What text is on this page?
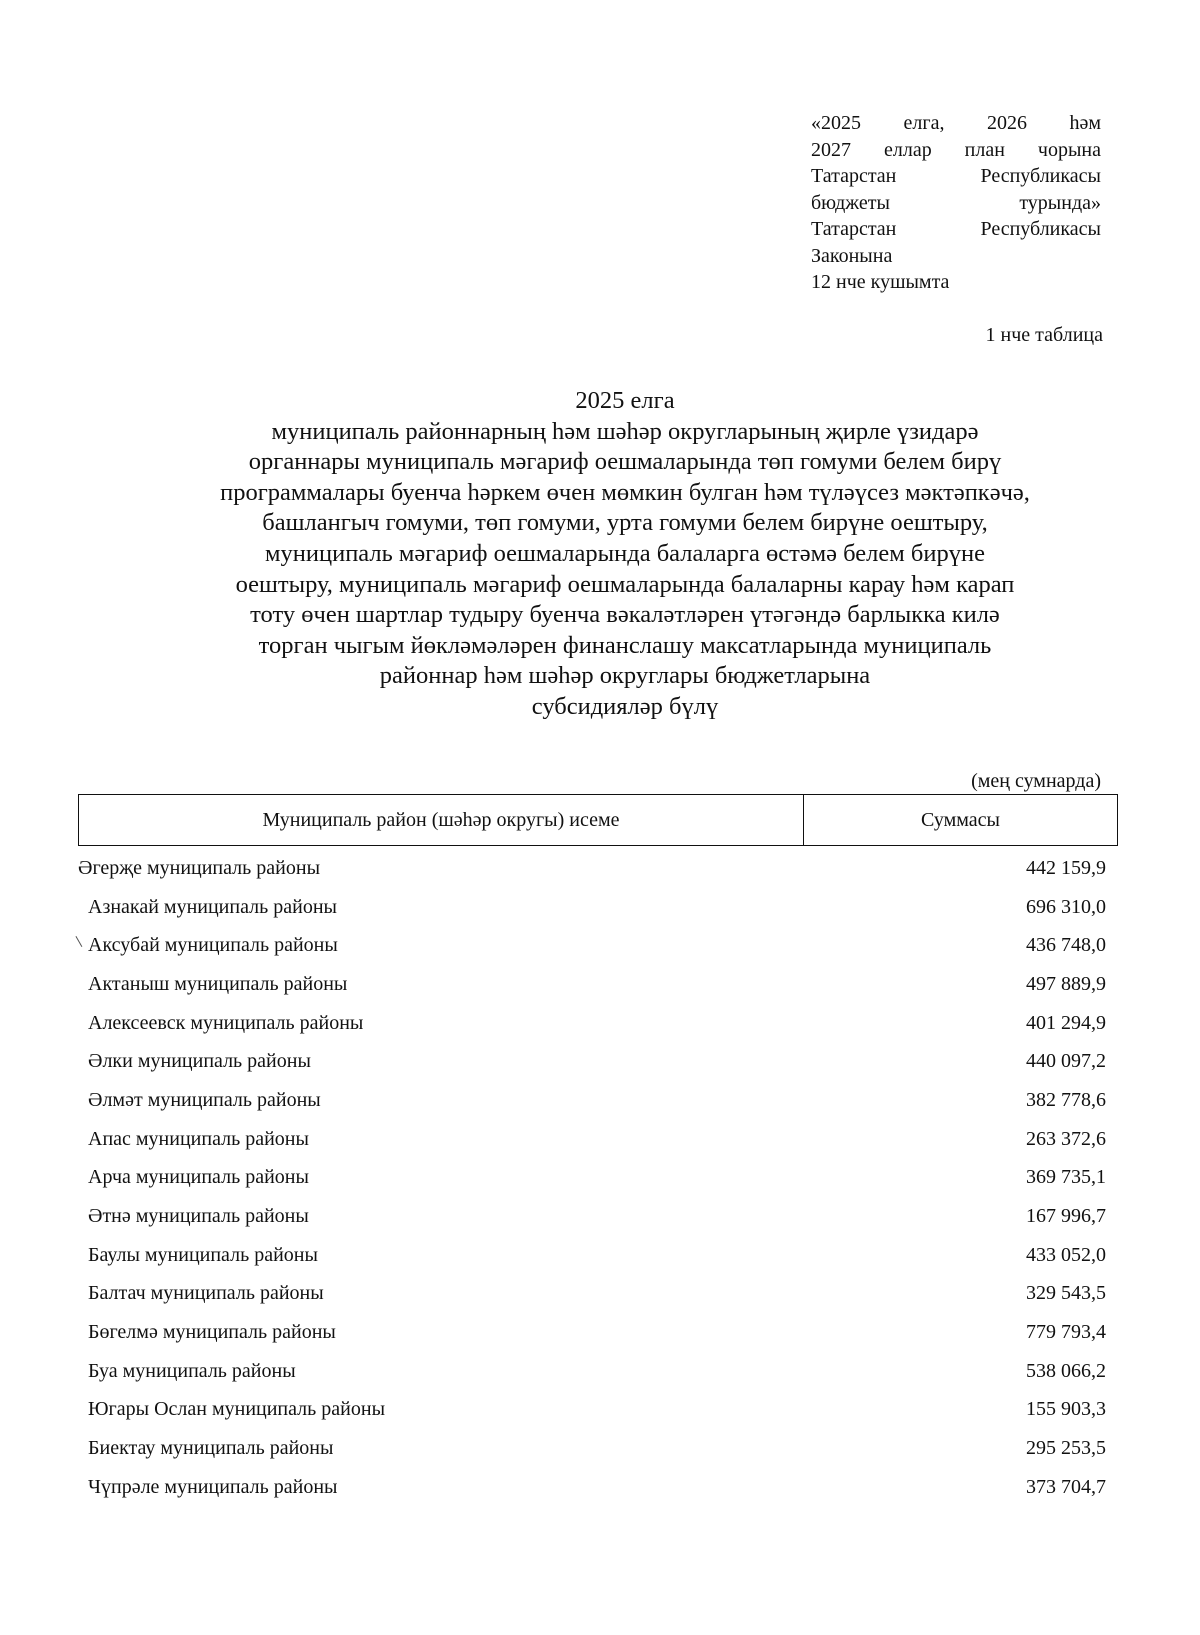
«2025 елга, 2026 һәм
2027 еллар план чорына
Татарстан Республикасы
бюджеты турында»
Татарстан Республикасы
Законына
12 нче кушымта
1 нче таблица
2025 елга
муниципаль районнарның һәм шәһәр округларының җирле үзидарә
органнары муниципаль мәгариф оешмаларында төп гомуми белем бирү
программалары буенча һәркем өчен мөмкин булган һәм түләүсез мәктәпкәчә,
башлангыч гомуми, төп гомуми, урта гомуми белем бирүне оештыру,
муниципаль мәгариф оешмаларында балаларга өстәмә белем бирүне
оештыру, муниципаль мәгариф оешмаларында балаларны карау һәм карап
тоту өчен шартлар тудыру буенча вәкаләтләрен үтәгәндә барлыкка килә
торган чыгым йөкләмәләрен финанслашу максатларында муниципаль
районнар һәм шәһәр округлары бюджетларына
субсидияләр бүлү
(мең сумнарда)
Муниципаль район (шәһәр округы) исеме	Суммасы
Әгерҗе муниципаль районы	442 159,9
Азнакай муниципаль районы	696 310,0
Аксубай муниципаль районы	436 748,0
Актаныш муниципаль районы	497 889,9
Алексеевск муниципаль районы	401 294,9
Әлки муниципаль районы	440 097,2
Әлмәт муниципаль районы	382 778,6
Апас муниципаль районы	263 372,6
Арча муниципаль районы	369 735,1
Әтнә муниципаль районы	167 996,7
Баулы муниципаль районы	433 052,0
Балтач муниципаль районы	329 543,5
Бөгелмә муниципаль районы	779 793,4
Буа муниципаль районы	538 066,2
Югары Ослан муниципаль районы	155 903,3
Биектау муниципаль районы	295 253,5
Чүпрәле муниципаль районы	373 704,7
